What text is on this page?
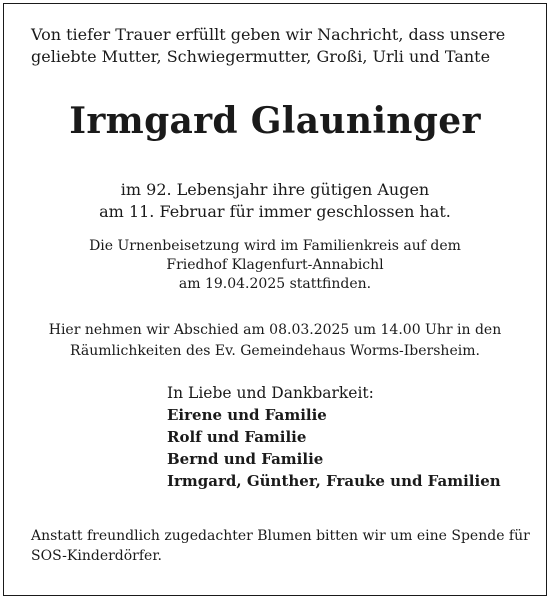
Von tiefer Trauer erfüllt geben wir Nachricht, dass unsere
geliebte Mutter, Schwiegermutter, Großi, Urli und Tante
Irmgard Glauninger
im 92. Lebensjahr ihre gütigen Augen
am 11. Februar für immer geschlossen hat.
Die Urnenbeisetzung wird im Familienkreis auf dem
Friedhof Klagenfurt-Annabichl
am 19.04.2025 stattfinden.
Hier nehmen wir Abschied am 08.03.2025 um 14.00 Uhr in den
Räumlichkeiten des Ev. Gemeindehaus Worms-Ibersheim.
In Liebe und Dankbarkeit:
Eirene und Familie
Rolf und Familie
Bernd und Familie
Irmgard, Günther, Frauke und Familien
Anstatt freundlich zugedachter Blumen bitten wir um eine Spende für
SOS-Kinderdörfer.
